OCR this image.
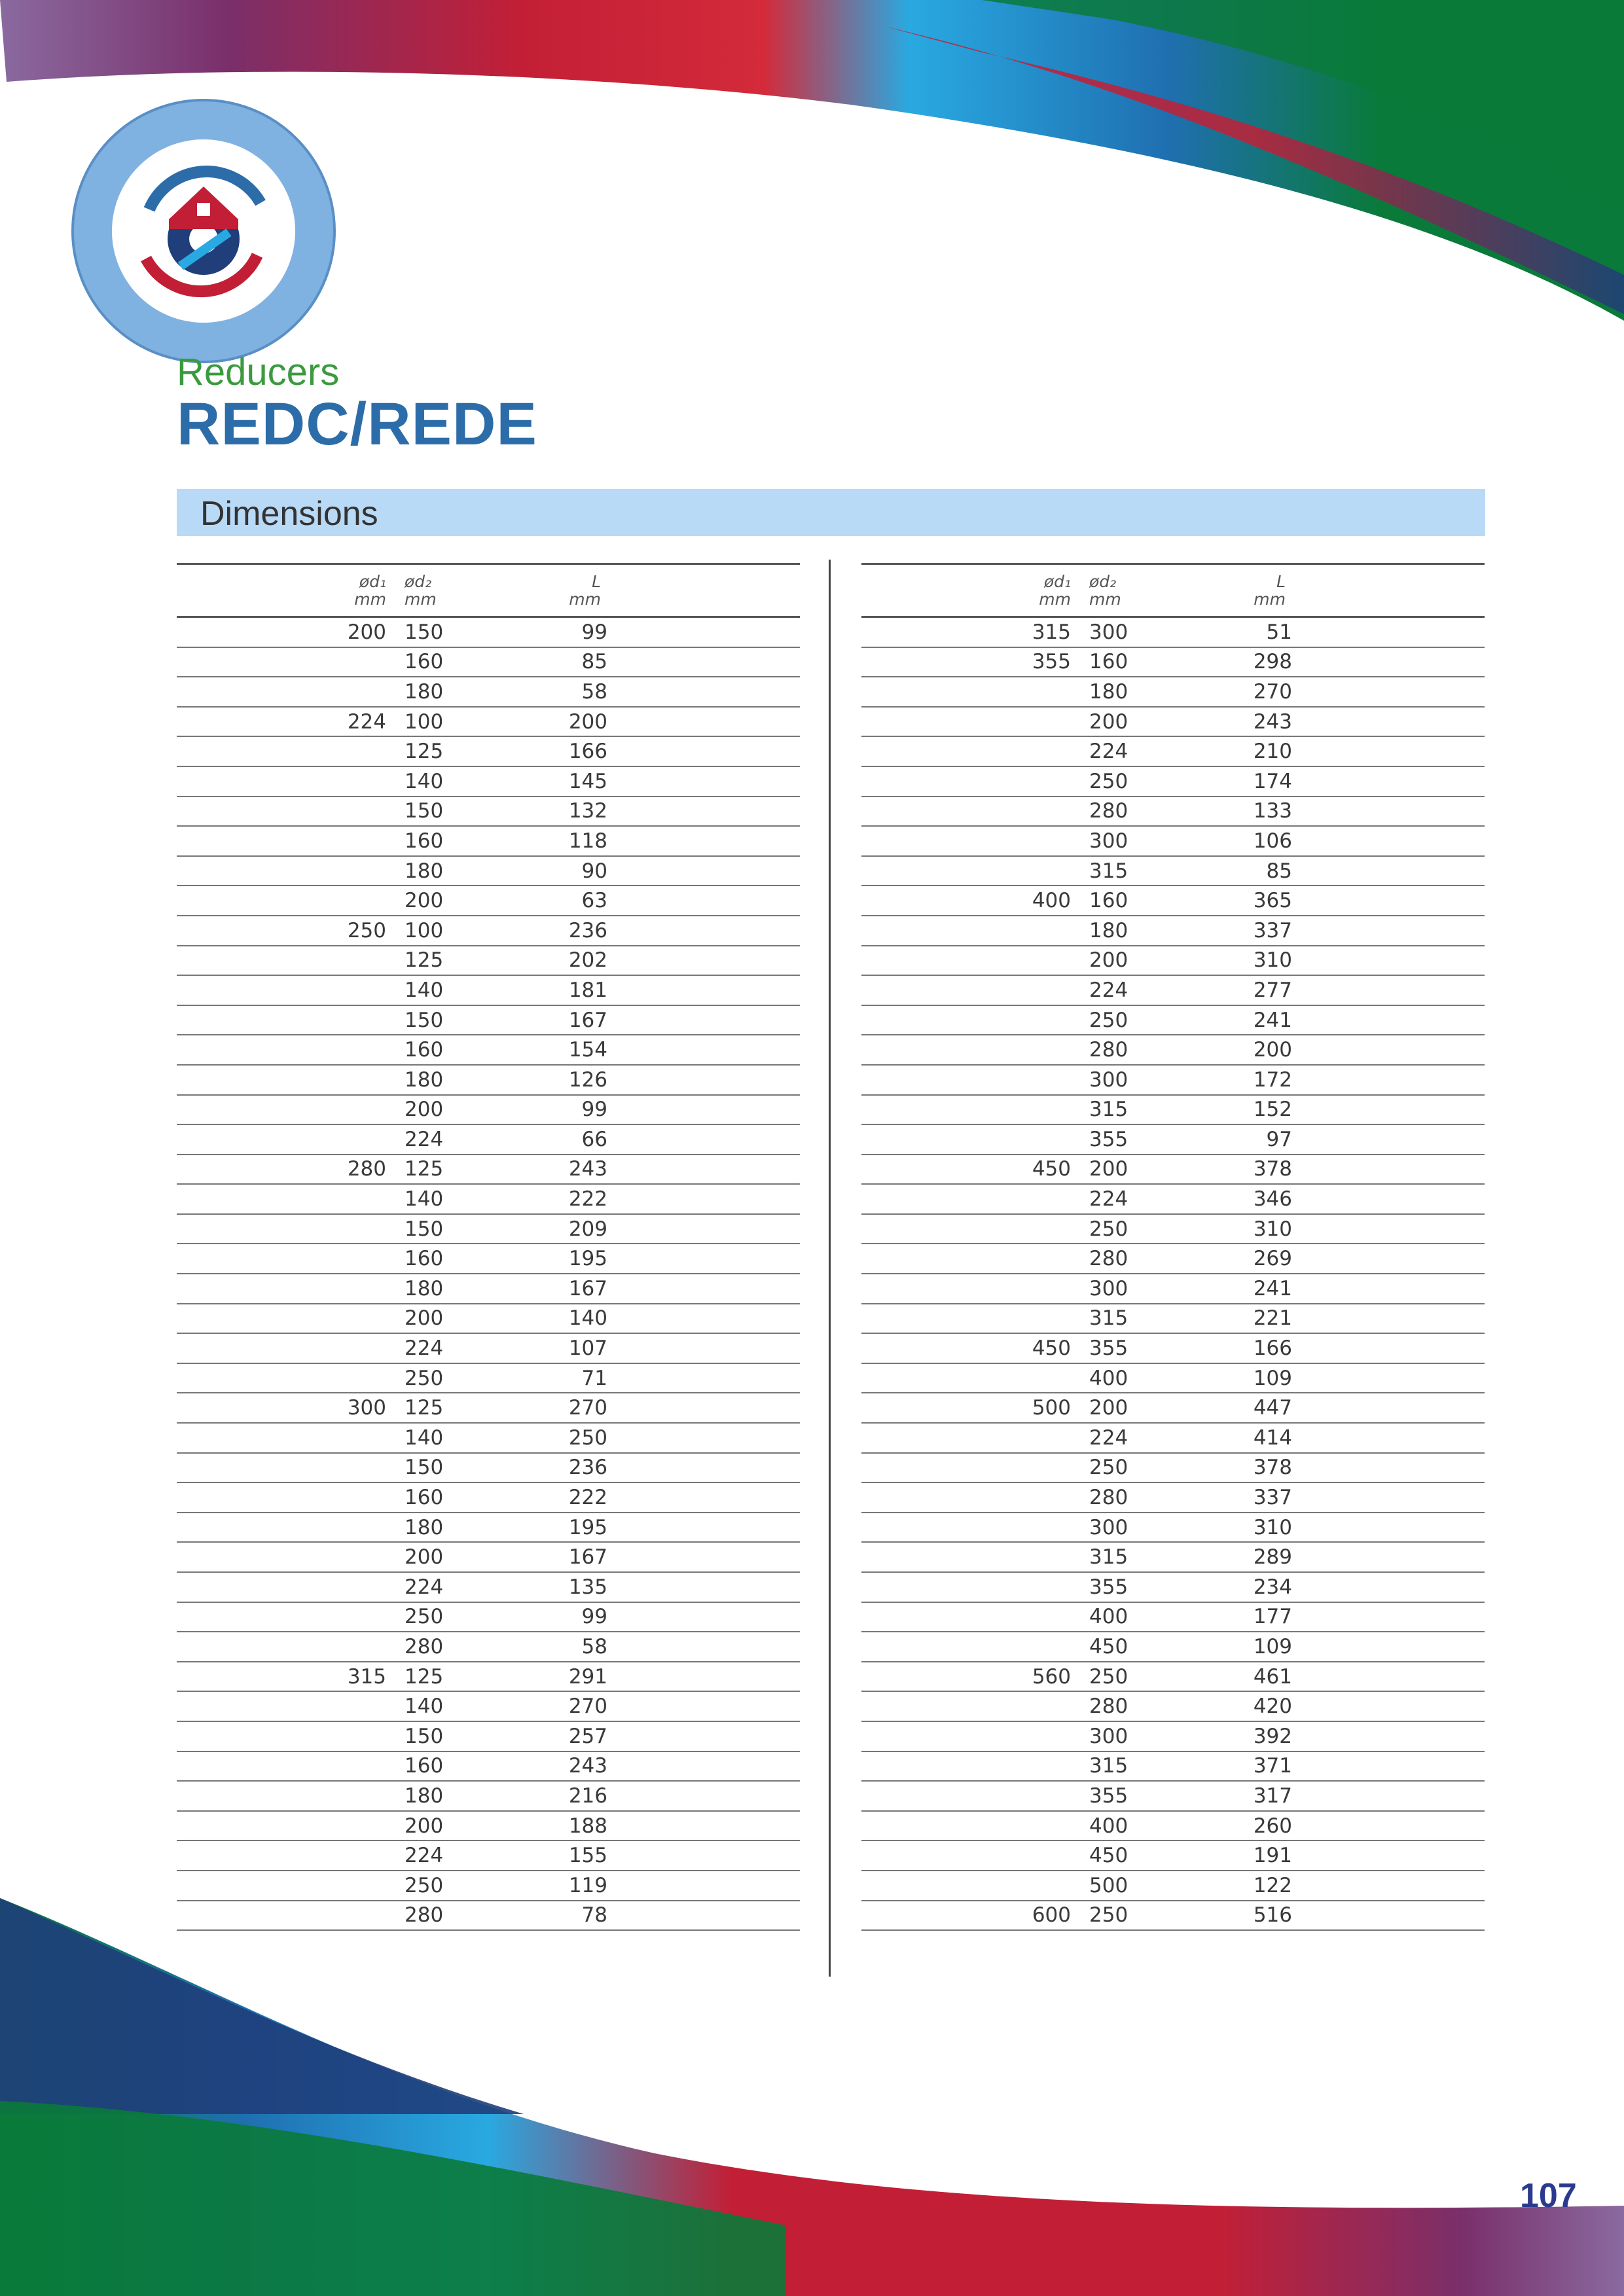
Reducers
REDC/REDE
Dimensions
ød₁
mm	ød₂
mm	L
mm	
200	150	99	
	160	85	
	180	58	
224	100	200	
	125	166	
	140	145	
	150	132	
	160	118	
	180	90	
	200	63	
250	100	236	
	125	202	
	140	181	
	150	167	
	160	154	
	180	126	
	200	99	
	224	66	
280	125	243	
	140	222	
	150	209	
	160	195	
	180	167	
	200	140	
	224	107	
	250	71	
300	125	270	
	140	250	
	150	236	
	160	222	
	180	195	
	200	167	
	224	135	
	250	99	
	280	58	
315	125	291	
	140	270	
	150	257	
	160	243	
	180	216	
	200	188	
	224	155	
	250	119	
	280	78	
ød₁
mm	ød₂
mm	L
mm	
315	300	51	
355	160	298	
	180	270	
	200	243	
	224	210	
	250	174	
	280	133	
	300	106	
	315	85	
400	160	365	
	180	337	
	200	310	
	224	277	
	250	241	
	280	200	
	300	172	
	315	152	
	355	97	
450	200	378	
	224	346	
	250	310	
	280	269	
	300	241	
	315	221	
450	355	166	
	400	109	
500	200	447	
	224	414	
	250	378	
	280	337	
	300	310	
	315	289	
	355	234	
	400	177	
	450	109	
560	250	461	
	280	420	
	300	392	
	315	371	
	355	317	
	400	260	
	450	191	
	500	122	
600	250	516	
107
